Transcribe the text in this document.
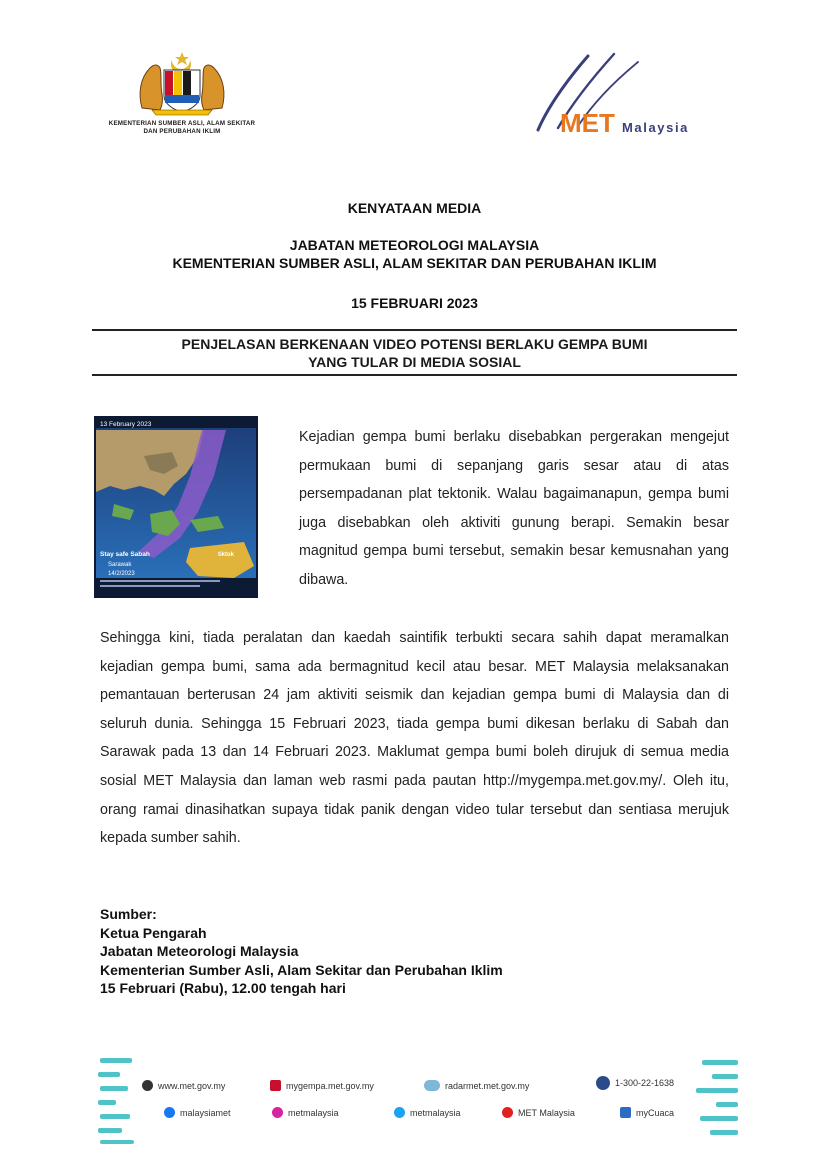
KEMENTERIAN SUMBER ASLI, ALAM SEKITAR
DAN PERUBAHAN IKLIM	MET Malaysia
KENYATAAN MEDIA
JABATAN METEOROLOGI MALAYSIA
KEMENTERIAN SUMBER ASLI, ALAM SEKITAR DAN PERUBAHAN IKLIM
15 FEBRUARI 2023
PENJELASAN BERKENAAN VIDEO POTENSI BERLAKU GEMPA BUMI
YANG TULAR DI MEDIA SOSIAL
13 February 2023
Stay safe Sabah
Sarawak
14/2/2023
tiktok
Kejadian gempa bumi berlaku disebabkan pergerakan mengejut permukaan bumi di sepanjang garis sesar atau di atas persempadanan plat tektonik. Walau bagaimanapun, gempa bumi juga disebabkan oleh aktiviti gunung berapi. Semakin besar magnitud gempa bumi tersebut, semakin besar kemusnahan yang dibawa.
Sehingga kini, tiada peralatan dan kaedah saintifik terbukti secara sahih dapat meramalkan kejadian gempa bumi, sama ada bermagnitud kecil atau besar. MET Malaysia melaksanakan pemantauan berterusan 24 jam aktiviti seismik dan kejadian gempa bumi di Malaysia dan di seluruh dunia. Sehingga 15 Februari 2023, tiada gempa bumi dikesan berlaku di Sabah dan Sarawak pada 13 dan 14 Februari 2023. Maklumat gempa bumi boleh dirujuk di semua media sosial MET Malaysia dan laman web rasmi pada pautan http://mygempa.met.gov.my/. Oleh itu, orang ramai dinasihatkan supaya tidak panik dengan video tular tersebut dan sentiasa merujuk kepada sumber sahih.
Sumber:
Ketua Pengarah
Jabatan Meteorologi Malaysia
Kementerian Sumber Asli, Alam Sekitar dan Perubahan Iklim
15 Februari (Rabu), 12.00 tengah hari
www.met.gov.my	mygempa.met.gov.my	radarmet.met.gov.my	1-300-22-1638
malaysiamet	metmalaysia	metmalaysia	MET Malaysia	myCuaca
